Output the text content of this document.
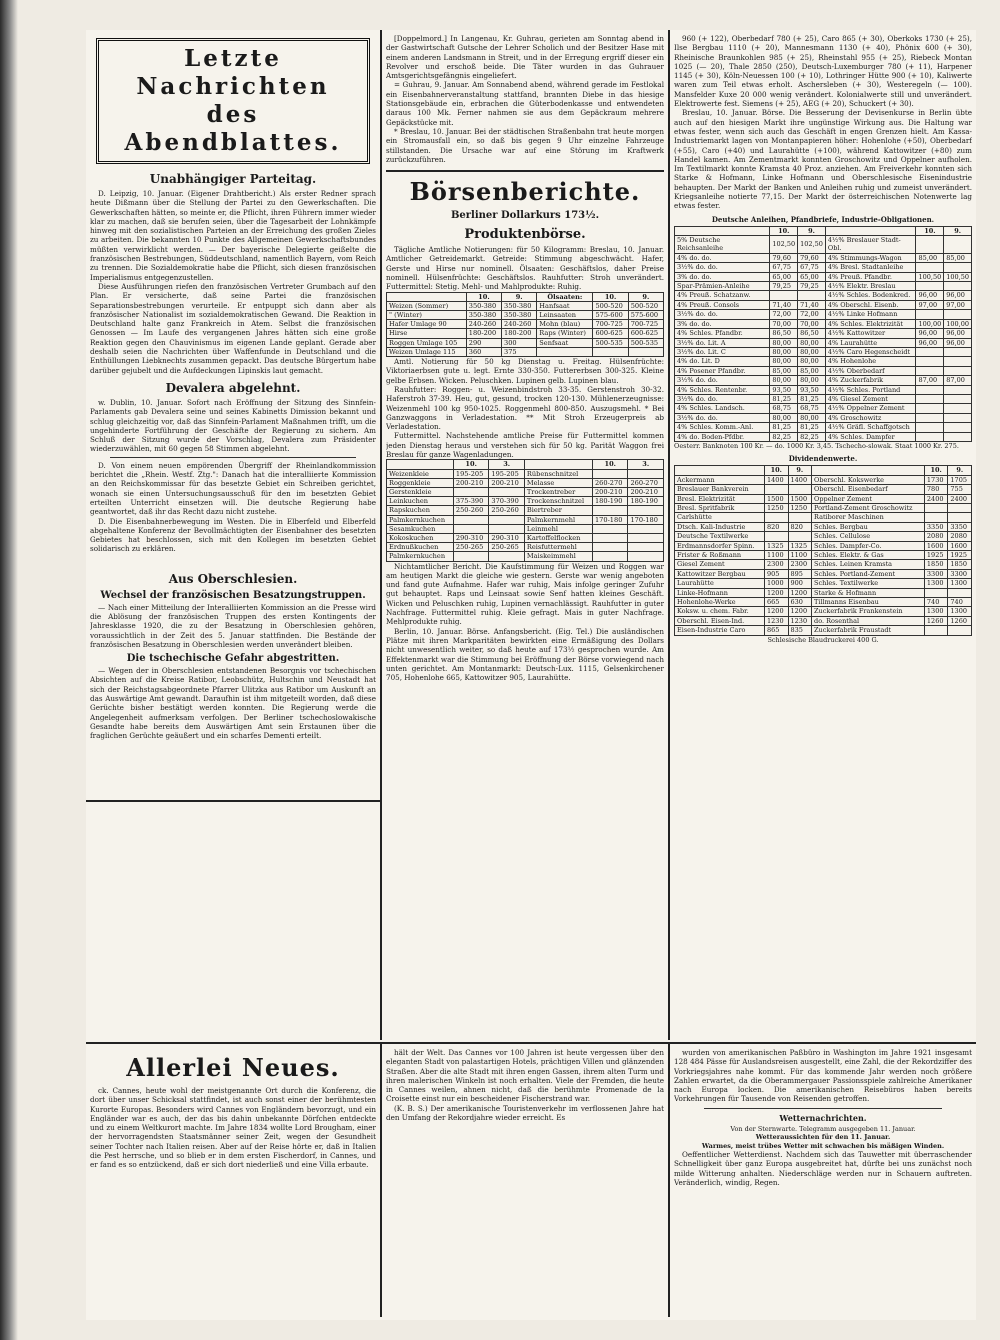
Letzte Nachrichten
des Abendblattes.
Unabhängiger Parteitag.

D. Leipzig, 10. Januar. (Eigener Drahtbericht.) Als erster Redner sprach heute Dißmann über die Stellung der Partei zu den Gewerkschaften. Die Gewerkschaften hätten, so meinte er, die Pflicht, ihren Führern immer wieder klar zu machen, daß sie berufen seien, über die Tagesarbeit der Lohnkämpfe hinweg mit den sozialistischen Parteien an der Erreichung des großen Zieles zu arbeiten. Die bekannten 10 Punkte des Allgemeinen Gewerkschaftsbundes müßten verwirklicht werden. — Der bayerische Delegierte geißelte die französischen Bestrebungen, Süddeutschland, namentlich Bayern, vom Reich zu trennen. Die Sozialdemokratie habe die Pflicht, sich diesen französischen Imperialismus entgegenzustellen.

Diese Ausführungen riefen den französischen Vertreter Grumbach auf den Plan. Er versicherte, daß seine Partei die französischen Separationsbestrebungen verurteile. Er entpuppt sich dann aber als französischer Nationalist im sozialdemokratischen Gewand. Die Reaktion in Deutschland halte ganz Frankreich in Atem. Selbst die französischen Genossen — Im Laufe des vergangenen Jahres hätten sich eine große Reaktion gegen den Chauvinismus im eigenen Lande geplant. Gerade aber deshalb seien die Nachrichten über Waffenfunde in Deutschland und die Enthüllungen Liebknechts zusammen gepackt. Das deutsche Bürgertum habe darüber gejubelt und die Aufdeckungen Lipinskis laut gemacht.

Devalera abgelehnt.

w. Dublin, 10. Januar. Sofort nach Eröffnung der Sitzung des Sinnfein-Parlaments gab Devalera seine und seines Kabinetts Dimission bekannt und schlug gleichzeitig vor, daß das Sinnfein-Parlament Maßnahmen trifft, um die ungehinderte Fortführung der Geschäfte der Regierung zu sichern. Am Schluß der Sitzung wurde der Vorschlag, Devalera zum Präsidenter wiederzuwählen, mit 60 gegen 58 Stimmen abgelehnt.

D. Von einem neuen empörenden Übergriff der Rheinlandkommission berichtet die „Rhein. Westf. Ztg.": Danach hat die interalliierte Kommission an den Reichskommissar für das besetzte Gebiet ein Schreiben gerichtet, wonach sie einen Untersuchungsausschuß für den im besetzten Gebiet erteilten Unterricht einsetzen will. Die deutsche Regierung habe geantwortet, daß ihr das Recht dazu nicht zustehe.

D. Die Eisenbahnerbewegung im Westen. Die in Elberfeld und Elberfeld abgehaltene Konferenz der Bevollmächtigten der Eisenbahner des besetzten Gebietes hat beschlossen, sich mit den Kollegen im besetzten Gebiet solidarisch zu erklären.

Aus Oberschlesien.
Wechsel der französischen Besatzungstruppen.

— Nach einer Mitteilung der Interalliierten Kommission an die Presse wird die Ablösung der französischen Truppen des ersten Kontingents der Jahresklasse 1920, die zu der Besatzung in Oberschlesien gehören, voraussichtlich in der Zeit des 5. Januar stattfinden. Die Bestände der französischen Besatzung in Oberschlesien werden unverändert bleiben.

Die tschechische Gefahr abgestritten.

— Wegen der in Oberschlesien entstandenen Besorgnis vor tschechischen Absichten auf die Kreise Ratibor, Leobschütz, Hultschin und Neustadt hat sich der Reichstagsabgeordnete Pfarrer Ulitzka aus Ratibor um Auskunft an das Auswärtige Amt gewandt. Daraufhin ist ihm mitgeteilt worden, daß diese Gerüchte bisher bestätigt werden konnten. Die Regierung werde die Angelegenheit aufmerksam verfolgen. Der Berliner tschechoslowakische Gesandte habe bereits dem Auswärtigen Amt sein Erstaunen über die fraglichen Gerüchte geäußert und ein scharfes Dementi erteilt.

[Doppelmord.] In Langenau, Kr. Guhrau, gerieten am Sonntag abend in der Gastwirtschaft Gutsche der Lehrer Scholich und der Besitzer Hase mit einem anderen Landsmann in Streit, und in der Erregung ergriff dieser ein Revolver und erschoß beide. Die Täter wurden in das Guhrauer Amtsgerichtsgefängnis eingeliefert.

= Guhrau, 9. Januar. Am Sonnabend abend, während gerade im Festlokal ein Eisenbahnerveranstaltung stattfand, brannten Diebe in das hiesige Stationsgebäude ein, erbrachen die Güterbodenkasse und entwendeten daraus 100 Mk. Ferner nahmen sie aus dem Gepäckraum mehrere Gepäckstücke mit.

* Breslau, 10. Januar. Bei der städtischen Straßenbahn trat heute morgen ein Stromausfall ein, so daß bis gegen 9 Uhr einzelne Fahrzeuge stillstanden. Die Ursache war auf eine Störung im Kraftwerk zurückzuführen.

Börsenberichte.
Berliner Dollarkurs 173½.
Produktenbörse.

Tägliche Amtliche Notierungen: für 50 Kilogramm: Breslau, 10. Januar. Amtlicher Getreidemarkt. Getreide: Stimmung abgeschwächt. Hafer, Gerste und Hirse nur nominell. Ölsaaten: Geschäftslos, daher Preise nominell. Hülsenfrüchte: Geschäftslos. Rauhfutter: Stroh unverändert. Futtermittel: Stetig. Mehl- und Mahlprodukte: Ruhig.

	10.	9.	Ölsaaten:	10.	9.
Weizen (Sommer)	350-380	350-380	Hanfsaat	500-520	500-520
" (Winter)	350-380	350-380	Leinsaaten	575-600	575-600
Hafer Umlage 90	240-260	240-260	Mohn (blau)	700-725	700-725
Hirse	180-200	180-200	Raps (Winter)	600-625	600-625
Roggen Umlage 105	290	300	Senfsaat	500-535	500-535
Weizen Umlage 115	360	375			

Amtl. Notierung für 50 kg Dienstag u. Freitag. Hülsenfrüchte: Viktoriaerbsen gute u. legt. Ernte 330-350. Futtererbsen 300-325. Kleine gelbe Erbsen. Wicken. Peluschken. Lupinen gelb. Lupinen blau.

Rauhfutter: Roggen- u. Weizenbindstroh 33-35. Gerstenstroh 30-32. Haferstroh 37-39. Heu, gut, gesund, trocken 120-130. Mühlenerzeugnisse: Weizenmehl 100 kg 950-1025. Roggenmehl 800-850. Auszugsmehl. * Bei Ganzwaggons in Verladestation. ** Mit Stroh Erzeugerpreis ab Verladestation.

Futtermittel. Nachstehende amtliche Preise für Futtermittel kommen jeden Dienstag heraus und verstehen sich für 50 kg. Parität Waggon frei Breslau für ganze Wagenladungen.

	10.	3.		10.	3.
Weizenkleie	195-205	195-205	Rübenschnitzel		
Roggenkleie	200-210	200-210	Melasse	260-270	260-270
Gerstenkleie			Trockentreber	200-210	200-210
Leinkuchen	375-390	370-390	Trockenschnitzel	180-190	180-190
Rapskuchen	250-260	250-260	Biertreber		
Palmkernkuchen			Palmkernmehl	170-180	170-180
Sesamkuchen			Leinmehl		
Kokoskuchen	290-310	290-310	Kartoffelflocken		
Erdnußkuchen	250-265	250-265	Reisfuttermehl		
Palmkernkuchen			Maiskeimmehl		

Nichtamtlicher Bericht. Die Kaufstimmung für Weizen und Roggen war am heutigen Markt die gleiche wie gestern. Gerste war wenig angeboten und fand gute Aufnahme. Hafer war ruhig, Mais infolge geringer Zufuhr gut behauptet. Raps und Leinsaat sowie Senf hatten kleines Geschäft. Wicken und Peluschken ruhig, Lupinen vernachlässigt. Rauhfutter in guter Nachfrage. Futtermittel ruhig. Kleie gefragt. Mais in guter Nachfrage. Mehlprodukte ruhig.

Berlin, 10. Januar. Börse. Anfangsbericht. (Eig. Tel.) Die ausländischen Plätze mit ihren Markparitäten bewirkten eine Ermäßigung des Dollars nicht unwesentlich weiter, so daß heute auf 173½ gesprochen wurde. Am Effektenmarkt war die Stimmung bei Eröffnung der Börse vorwiegend nach unten gerichtet. Am Montanmarkt: Deutsch-Lux. 1115, Gelsenkirchener 705, Hohenlohe 665, Kattowitzer 905, Laurahütte.

960 (+ 122), Oberbedarf 780 (+ 25), Caro 865 (+ 30), Oberkoks 1730 (+ 25), Ilse Bergbau 1110 (+ 20), Mannesmann 1130 (+ 40), Phönix 600 (+ 30), Rheinische Braunkohlen 985 (+ 25), Rheinstahl 955 (+ 25), Riebeck Montan 1025 (— 20), Thale 2850 (250), Deutsch-Luxemburger 780 (+ 11), Harpener 1145 (+ 30), Köln-Neuessen 100 (+ 10), Lothringer Hütte 900 (+ 10), Kaliwerte waren zum Teil etwas erholt. Aschersleben (+ 30), Westeregeln (— 100). Mansfelder Kuxe 20 000 wenig verändert. Kolonialwerte still und unverändert. Elektrowerte fest. Siemens (+ 25), AEG (+ 20), Schuckert (+ 30).

Breslau, 10. Januar. Börse. Die Besserung der Devisenkurse in Berlin übte auch auf den hiesigen Markt ihre ungünstige Wirkung aus. Die Haltung war etwas fester, wenn sich auch das Geschäft in engen Grenzen hielt. Am Kassa-Industriemarkt lagen von Montanpapieren höher: Hohenlohe (+50), Oberbedarf (+55), Caro (+40) und Laurahütte (+100), während Kattowitzer (+80) zum Handel kamen. Am Zementmarkt konnten Groschowitz und Oppelner aufholen. Im Textilmarkt konnte Kramsta 40 Proz. anziehen. Am Freiverkehr konnten sich Starke & Hofmann, Linke Hofmann und Oberschlesische Eisenindustrie behaupten. Der Markt der Banken und Anleihen ruhig und zumeist unverändert. Kriegsanleihe notierte 77,15. Der Markt der österreichischen Notenwerte lag etwas fester.

Deutsche Anleihen, Pfandbriefe, Industrie-Obligationen.
	10.	9.		10.	9.
5% Deutsche Reichsanleihe	102,50	102,50	4½% Breslauer Stadt-Obl.		
4% do. do.	79,60	79,60	4% Stimmungs-Wagon	85,00	85,00
3½% do. do.	67,75	67,75	4% Bresl. Stadtanleihe		
3% do. do.	65,00	65,00	4% Preuß. Pfandbr.	100,50	100,50
Spar-Prämien-Anleihe	79,25	79,25	4½% Elektr. Breslau		
4% Preuß. Schatzanw.			4½% Schles. Bodenkred.	96,00	96,00
4% Preuß. Consols	71,40	71,40	4% Oberschl. Eisenb.	97,00	97,00
3½% do. do.	72,00	72,00	4½% Linke Hofmann		
3% do. do.	70,00	70,00	4% Schles. Elektrizität	100,00	100,00
4% Schles. Pfandbr.	86,50	86,50	4½% Kattowitzer	96,00	96,00
3½% do. Lit. A	80,00	80,00	4% Laurahütte	96,00	96,00
3½% do. Lit. C	80,00	80,00	4½% Caro Hegenscheidt		
4% do. Lit. D	80,00	80,00	4% Hohenlohe		
4% Posener Pfandbr.	85,00	85,00	4½% Oberbedarf		
3½% do. do.	80,00	80,00	4% Zuckerfabrik	87,00	87,00
4% Schles. Rentenbr.	93,50	93,50	4½% Schles. Portland		
3½% do. do.	81,25	81,25	4% Giesel Zement		
4% Schles. Landsch.	68,75	68,75	4½% Oppelner Zement		
3½% do. do.	80,00	80,00	4% Groschowitz		
4% Schles. Komm.-Anl.	81,25	81,25	4½% Gräfl. Schaffgotsch		
4% do. Boden-Pfdbr.	82,25	82,25	4% Schles. Dampfer		
Oesterr. Banknoten 100 Kr. — do. 1000 Kr. 3,45. Tschecho-slowak. Staat 1000 Kr. 275.
Dividendenwerte.
	10.	9.		10.	9.
Ackermann	1400	1400	Oberschl. Kokswerke	1730	1705
Breslauer Bankverein			Oberschl. Eisenbedarf	780	755
Bresl. Elektrizität	1500	1500	Oppelner Zement	2400	2400
Bresl. Spritfabrik	1250	1250	Portland-Zement Groschowitz		
Carlshütte			Ratiborer Maschinen		
Dtsch. Kali-Industrie	820	820	Schles. Bergbau	3350	3350
Deutsche Textilwerke			Schles. Cellulose	2080	2080
Erdmannsdorfer Spinn.	1325	1325	Schles. Dampfer-Co.	1600	1600
Frister & Roßmann	1100	1100	Schles. Elektr. & Gas	1925	1925
Giesel Zement	2300	2300	Schles. Leinen Kramsta	1850	1850
Kattowitzer Bergbau	905	895	Schles. Portland-Zement	3300	3300
Laurahütte	1000	900	Schles. Textilwerke	1300	1300
Linke-Hofmann	1200	1200	Starke & Hofmann		
Hohenlohe-Werke	665	630	Tillmanns Eisenbau	740	740
Koksw. u. chem. Fabr.	1200	1200	Zuckerfabrik Frankenstein	1300	1300
Oberschl. Eisen-Ind.	1230	1230	do. Rosenthal	1260	1260
Eisen-Industrie Caro	865	835	Zuckerfabrik Fraustadt		
Schlesische Blaudruckerei 400 G.
Allerlei Neues.

ck. Cannes, heute wohl der meistgenannte Ort durch die Konferenz, die dort über unser Schicksal stattfindet, ist auch sonst einer der berühmtesten Kurorte Europas. Besonders wird Cannes von Engländern bevorzugt, und ein Engländer war es auch, der das bis dahin unbekannte Dörfchen entdeckte und zu einem Weltkurort machte. Im Jahre 1834 wollte Lord Brougham, einer der hervorragendsten Staatsmänner seiner Zeit, wegen der Gesundheit seiner Tochter nach Italien reisen. Aber auf der Reise hörte er, daß in Italien die Pest herrsche, und so blieb er in dem ersten Fischerdorf, in Cannes, und er fand es so entzückend, daß er sich dort niederließ und eine Villa erbaute.

hält der Welt. Das Cannes vor 100 Jahren ist heute vergessen über den eleganten Stadt von palastartigen Hotels, prächtigen Villen und glänzenden Straßen. Aber die alte Stadt mit ihren engen Gassen, ihrem alten Turm und ihren malerischen Winkeln ist noch erhalten. Viele der Fremden, die heute in Cannes weilen, ahnen nicht, daß die berühmte Promenade de la Croisette einst nur ein bescheidener Fischerstrand war.

(K. B. S.) Der amerikanische Touristenverkehr im verflossenen Jahre hat den Umfang der Rekordjahre wieder erreicht. Es

wurden von amerikanischen Paßbüro in Washington im Jahre 1921 insgesamt 128 484 Pässe für Auslandsreisen ausgestellt, eine Zahl, die der Rekordziffer des Vorkriegsjahres nahe kommt. Für das kommende Jahr werden noch größere Zahlen erwartet, da die Oberammergauer Passionsspiele zahlreiche Amerikaner nach Europa locken. Die amerikanischen Reisebüros haben bereits Vorkehrungen für Tausende von Reisenden getroffen.

Wetternachrichten.
Von der Sternwarte. Telegramm ausgegeben 11. Januar.
Wetteraussichten für den 11. Januar.
Warmes, meist trübes Wetter mit schwachen bis mäßigen Winden.

Oeffentlicher Wetterdienst. Nachdem sich das Tauwetter mit überraschender Schnelligkeit über ganz Europa ausgebreitet hat, dürfte bei uns zunächst noch milde Witterung anhalten. Niederschläge werden nur in Schauern auftreten. Veränderlich, windig, Regen.
